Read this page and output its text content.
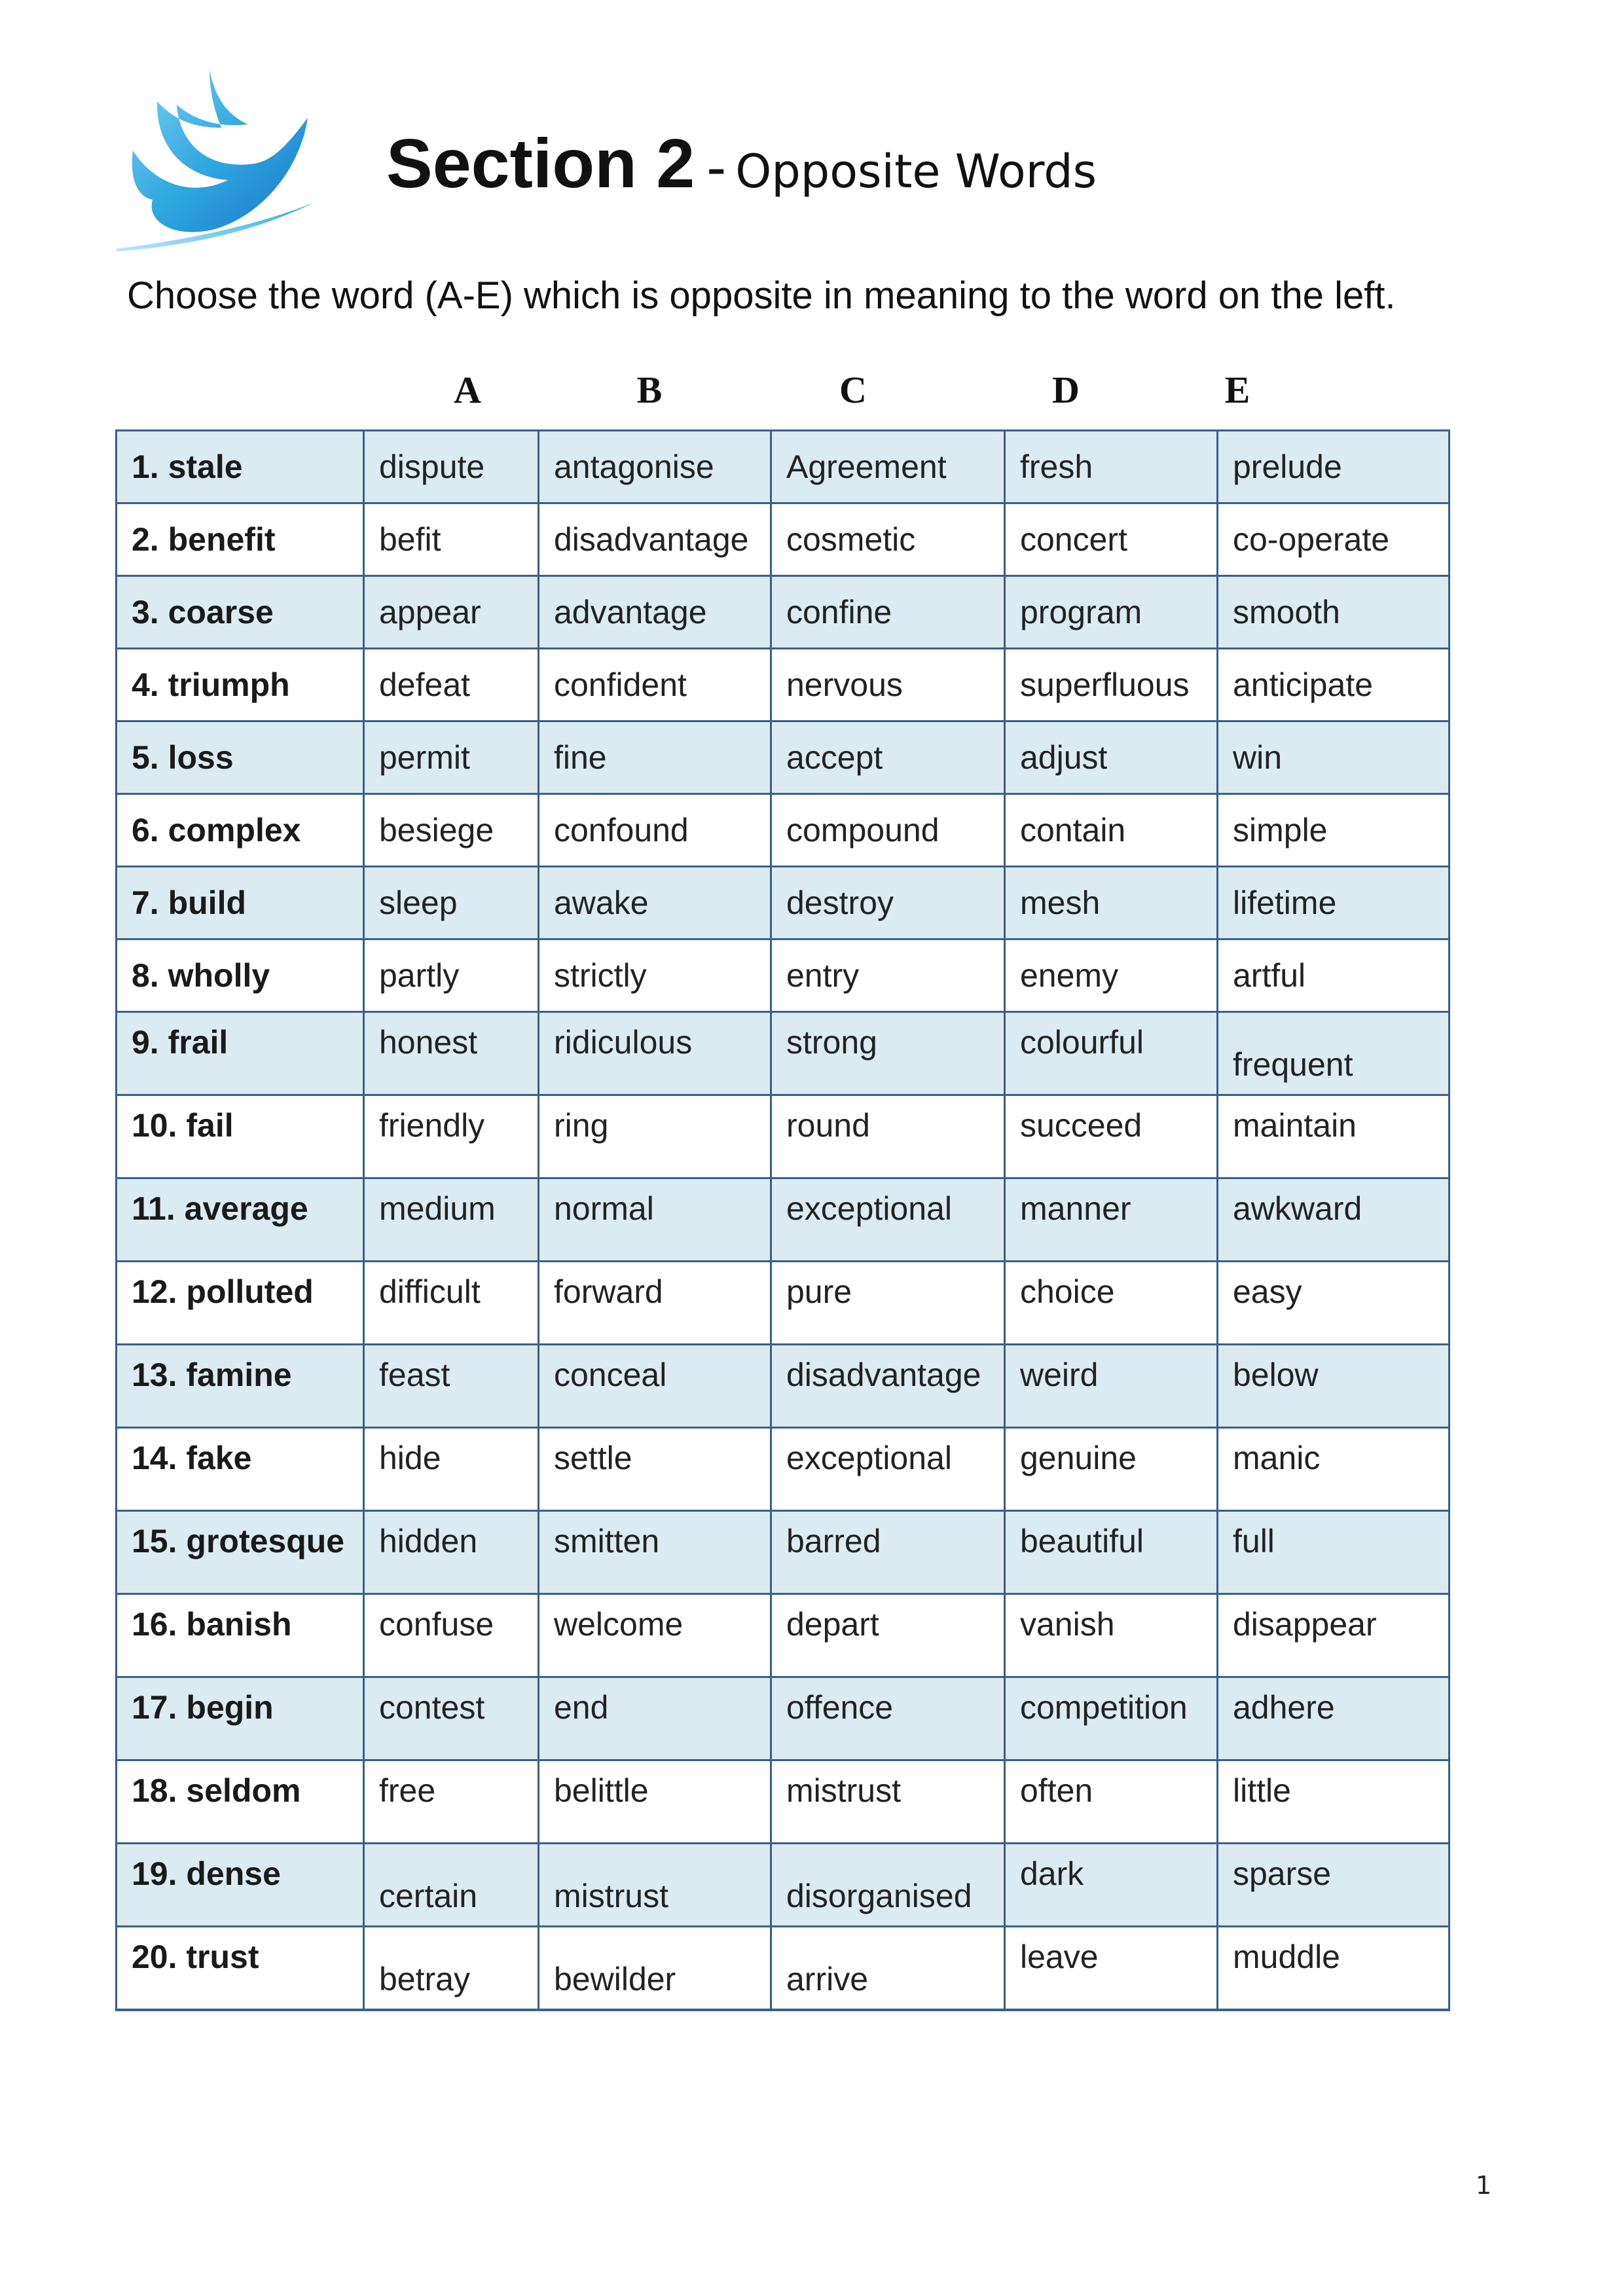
Section 2 - Opposite Words
Choose the word (A-E) which is opposite in meaning to the word on the left.
A	B	C	D	E
1. stale	dispute	antagonise	Agreement	fresh	prelude
2. benefit	befit	disadvantage	cosmetic	concert	co-operate
3. coarse	appear	advantage	confine	program	smooth
4. triumph	defeat	confident	nervous	superfluous	anticipate
5. loss	permit	fine	accept	adjust	win
6. complex	besiege	confound	compound	contain	simple
7. build	sleep	awake	destroy	mesh	lifetime
8. wholly	partly	strictly	entry	enemy	artful
9. frail	honest	ridiculous	strong	colourful	frequent
10. fail	friendly	ring	round	succeed	maintain
11. average	medium	normal	exceptional	manner	awkward
12. polluted	difficult	forward	pure	choice	easy
13. famine	feast	conceal	disadvantage	weird	below
14. fake	hide	settle	exceptional	genuine	manic
15. grotesque	hidden	smitten	barred	beautiful	full
16. banish	confuse	welcome	depart	vanish	disappear
17. begin	contest	end	offence	competition	adhere
18. seldom	free	belittle	mistrust	often	little
19. dense	certain	mistrust	disorganised	dark	sparse
20. trust	betray	bewilder	arrive	leave	muddle
1
